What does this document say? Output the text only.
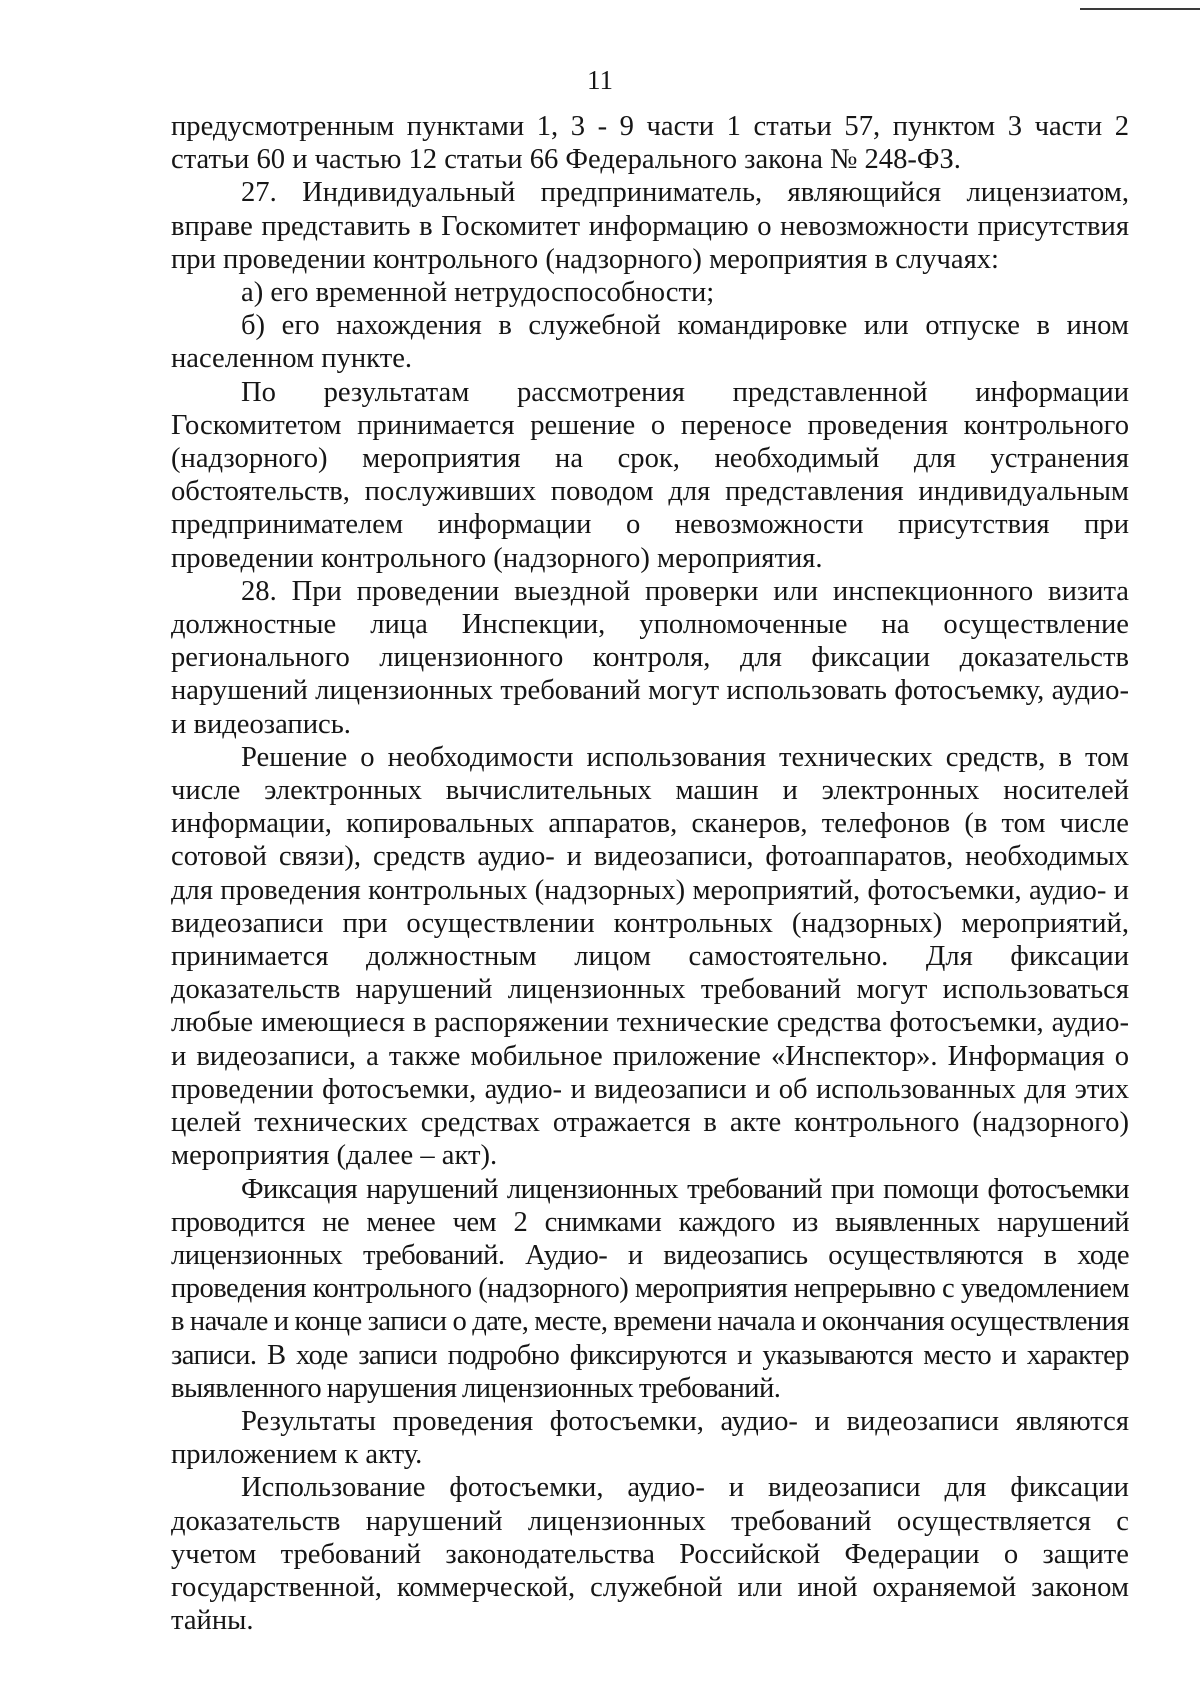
11

предусмотренным пунктами 1, 3 - 9 части 1 статьи 57, пунктом 3 части 2 статьи 60 и частью 12 статьи 66 Федерального закона № 248-ФЗ.

27. Индивидуальный предприниматель, являющийся лицензиатом, вправе представить в Госкомитет информацию о невозможности присутствия при проведении контрольного (надзорного) мероприятия в случаях:

а) его временной нетрудоспособности;

б) его нахождения в служебной командировке или отпуске в ином населенном пункте.

По результатам рассмотрения представленной информации Госкомитетом принимается решение о переносе проведения контрольного (надзорного) мероприятия на срок, необходимый для устранения обстоятельств, послуживших поводом для представления индивидуальным предпринимателем информации о невозможности присутствия при проведении контрольного (надзорного) мероприятия.

28. При проведении выездной проверки или инспекционного визита должностные лица Инспекции, уполномоченные на осуществление регионального лицензионного контроля, для фиксации доказательств нарушений лицензионных требований могут использовать фотосъемку, аудио- и видеозапись.

Решение о необходимости использования технических средств, в том числе электронных вычислительных машин и электронных носителей информации, копировальных аппаратов, сканеров, телефонов (в том числе сотовой связи), средств аудио- и видеозаписи, фотоаппаратов, необходимых для проведения контрольных (надзорных) мероприятий, фотосъемки, аудио- и видеозаписи при осуществлении контрольных (надзорных) мероприятий, принимается должностным лицом самостоятельно. Для фиксации доказательств нарушений лицензионных требований могут использоваться любые имеющиеся в распоряжении технические средства фотосъемки, аудио- и видеозаписи, а также мобильное приложение «Инспектор». Информация о проведении фотосъемки, аудио- и видеозаписи и об использованных для этих целей технических средствах отражается в акте контрольного (надзорного) мероприятия (далее – акт).

Фиксация нарушений лицензионных требований при помощи фотосъемки проводится не менее чем 2 снимками каждого из выявленных нарушений лицензионных требований. Аудио- и видеозапись осуществляются в ходе проведения контрольного (надзорного) мероприятия непрерывно с уведомлением в начале и конце записи о дате, месте, времени начала и окончания осуществления записи. В ходе записи подробно фиксируются и указываются место и характер выявленного нарушения лицензионных требований.

Результаты проведения фотосъемки, аудио- и видеозаписи являются приложением к акту.

Использование фотосъемки, аудио- и видеозаписи для фиксации доказательств нарушений лицензионных требований осуществляется с учетом требований законодательства Российской Федерации о защите государственной, коммерческой, служебной или иной охраняемой законом тайны.
